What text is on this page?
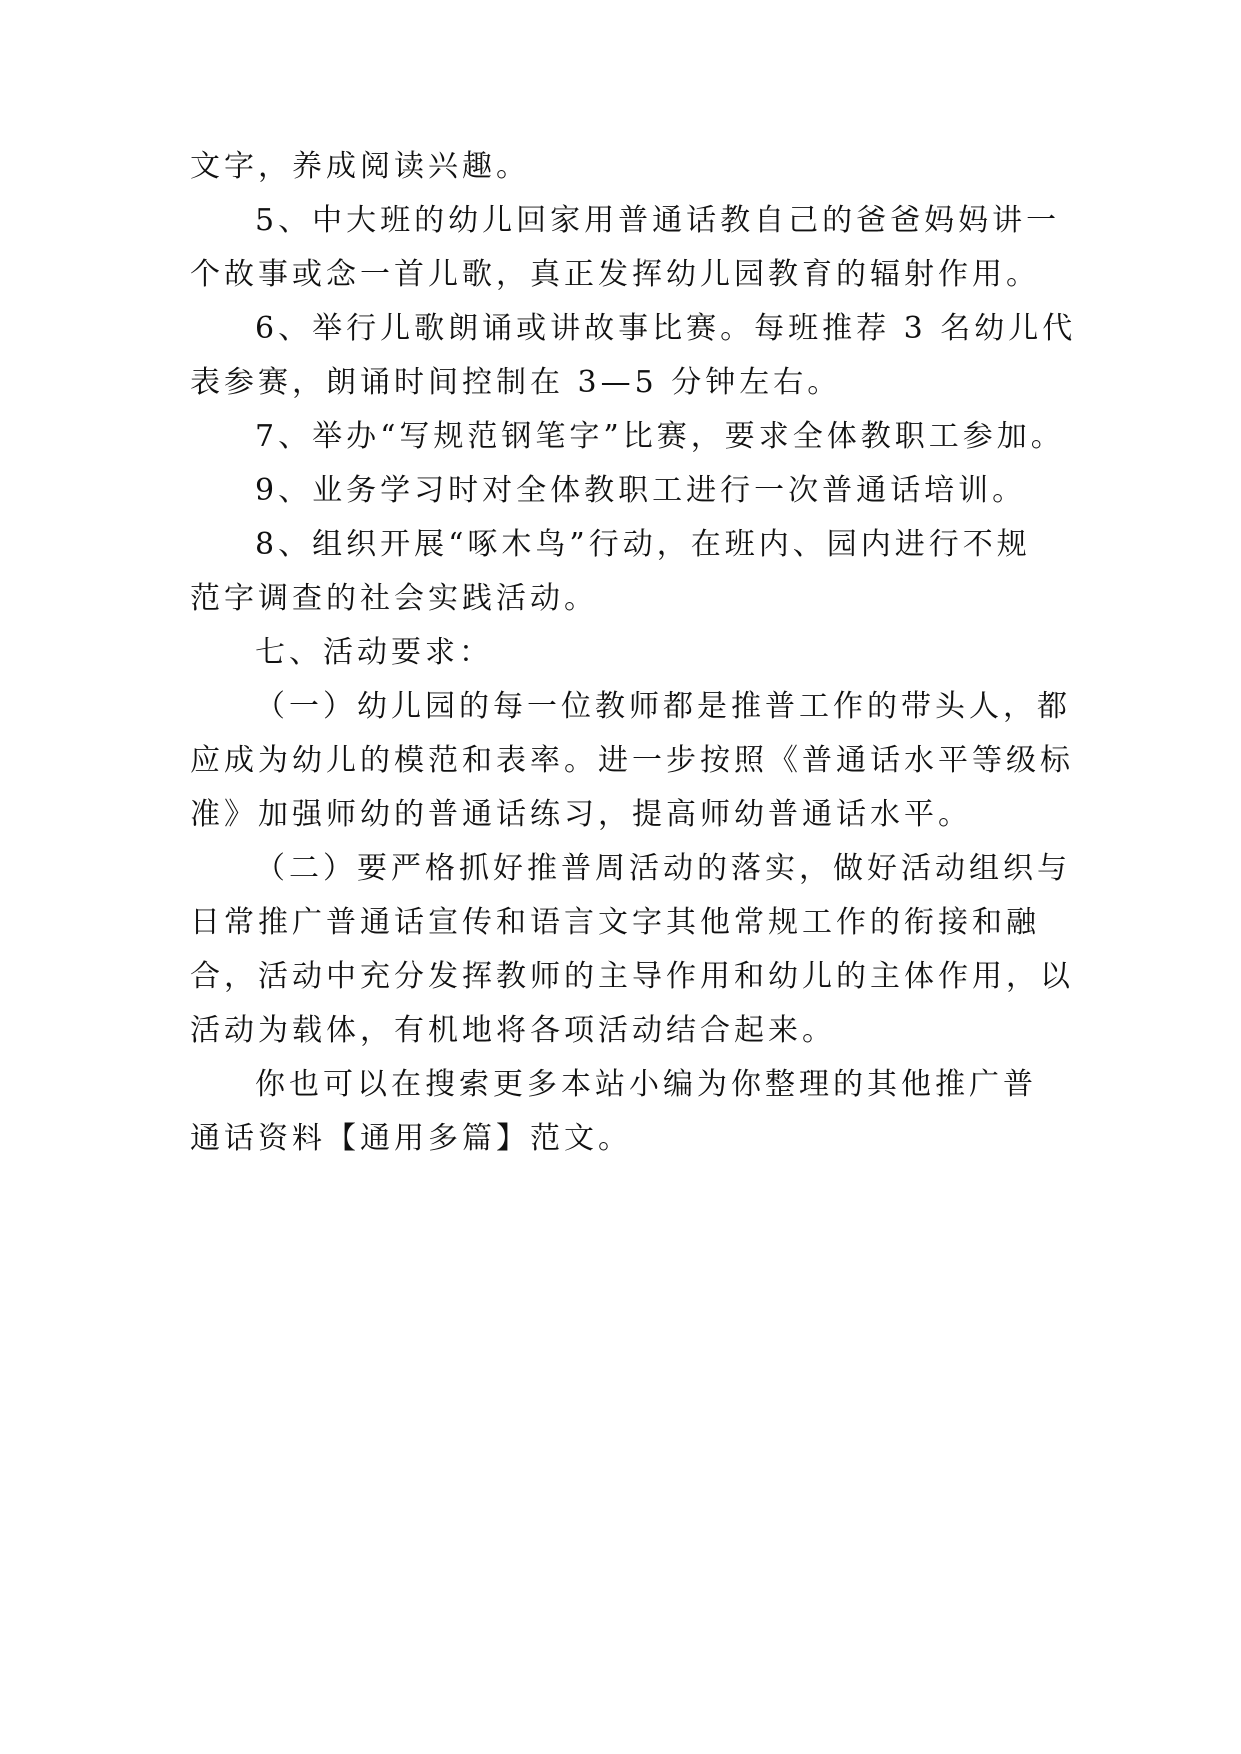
文字，养成阅读兴趣。
5、中大班的幼儿回家用普通话教自己的爸爸妈妈讲一
个故事或念一首儿歌，真正发挥幼儿园教育的辐射作用。
6、举行儿歌朗诵或讲故事比赛。每班推荐 3 名幼儿代
表参赛，朗诵时间控制在 3—5 分钟左右。
7、举办“写规范钢笔字”比赛，要求全体教职工参加。
9、业务学习时对全体教职工进行一次普通话培训。
8、组织开展“啄木鸟”行动，在班内、园内进行不规
范字调查的社会实践活动。
七、活动要求：
（一）幼儿园的每一位教师都是推普工作的带头人，都
应成为幼儿的模范和表率。进一步按照《普通话水平等级标
准》加强师幼的普通话练习，提高师幼普通话水平。
（二）要严格抓好推普周活动的落实，做好活动组织与
日常推广普通话宣传和语言文字其他常规工作的衔接和融
合，活动中充分发挥教师的主导作用和幼儿的主体作用，以
活动为载体，有机地将各项活动结合起来。
你也可以在搜索更多本站小编为你整理的其他推广普
通话资料【通用多篇】范文。
